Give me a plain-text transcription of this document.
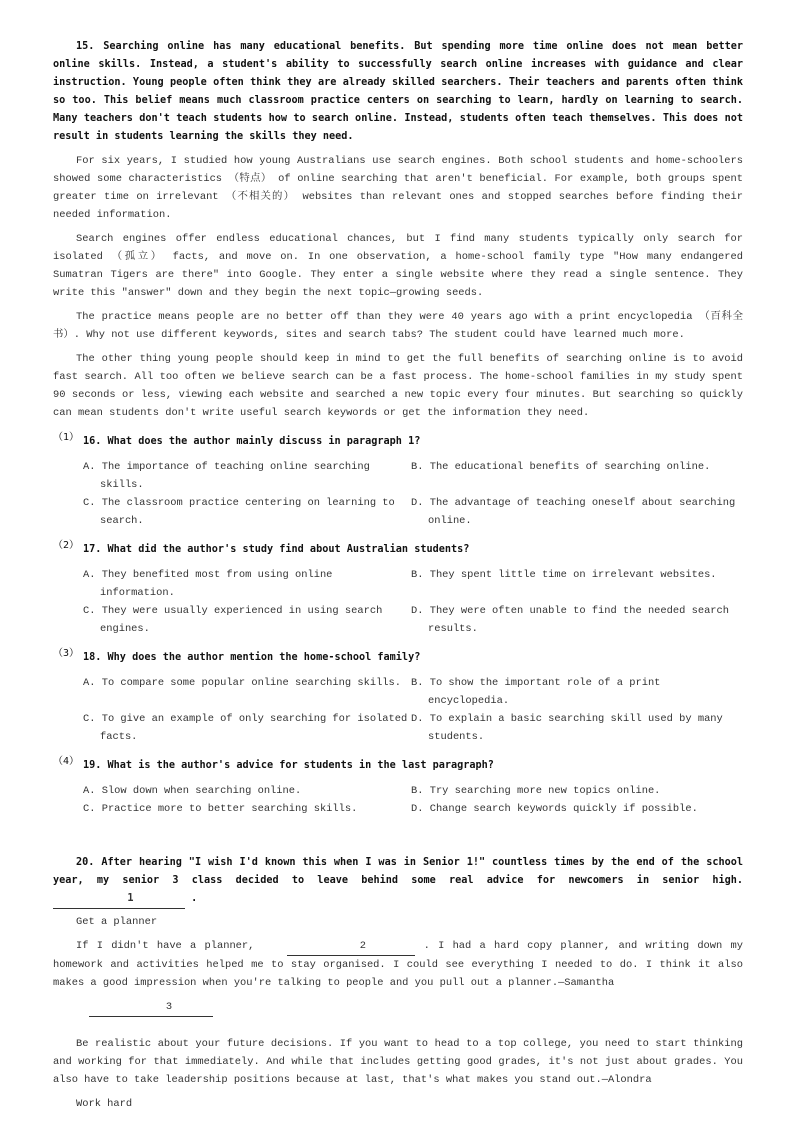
15. Searching online has many educational benefits. But spending more time online does not mean better online skills. Instead, a student's ability to successfully search online increases with guidance and clear instruction. Young people often think they are already skilled searchers. Their teachers and parents often think so too. This belief means much classroom practice centers on searching to learn, hardly on learning to search. Many teachers don't teach students how to search online. Instead, students often teach themselves. This does not result in students learning the skills they need.

For six years, I studied how young Australians use search engines. Both school students and home-schoolers showed some characteristics （特点） of online searching that aren't beneficial. For example, both groups spent greater time on irrelevant （不相关的） websites than relevant ones and stopped searches before finding their needed information.

Search engines offer endless educational chances, but I find many students typically only search for isolated （孤立） facts, and move on. In one observation, a home-school family type "How many endangered Sumatran Tigers are there" into Google. They enter a single website where they read a single sentence. They write this "answer" down and they begin the next topic—growing seeds.

The practice means people are no better off than they were 40 years ago with a print encyclopedia （百科全书）. Why not use different keywords, sites and search tabs? The student could have learned much more.

The other thing young people should keep in mind to get the full benefits of searching online is to avoid fast search. All too often we believe search can be a fast process. The home-school families in my study spent 90 seconds or less, viewing each website and searched a new topic every four minutes. But searching so quickly can mean students don't write useful search keywords or get the information they need.

（1） 16. What does the author mainly discuss in paragraph 1?
A. The importance of teaching online searching skills.
B. The educational benefits of searching online.
C. The classroom practice centering on learning to search.
D. The advantage of teaching oneself about searching online.
（2） 17. What did the author's study find about Australian students?
A. They benefited most from using online information.
B. They spent little time on irrelevant websites.
C. They were usually experienced in using search engines.
D. They were often unable to find the needed search results.
（3） 18. Why does the author mention the home-school family?
A. To compare some popular online searching skills. B. To show the important role of a print encyclopedia.
C. To give an example of only searching for isolated facts.
D. To explain a basic searching skill used by many students.
（4） 19. What is the author's advice for students in the last paragraph?
A. Slow down when searching online.	B. Try searching more new topics online.
C. Practice more to better searching skills.	D. Change search keywords quickly if possible.

20. After hearing "I wish I'd known this when I was in Senior 1!" countless times by the end of the school year, my senior 3 class decided to leave behind some real advice for newcomers in senior high. 1	.

Get a planner

If I didn't have a planner,	2	. I had a hard copy planner, and writing down my homework and activities helped me to stay organised. I could see everything I needed to do. I think it also makes a good impression when you're talking to people and you pull out a planner.—Samantha

3

Be realistic about your future decisions. If you want to head to a top college, you need to start thinking and working for that immediately. And while that includes getting good grades, it's not just about grades. You also have to take leadership positions because at last, that's what makes you stand out.—Alondra

Work hard
